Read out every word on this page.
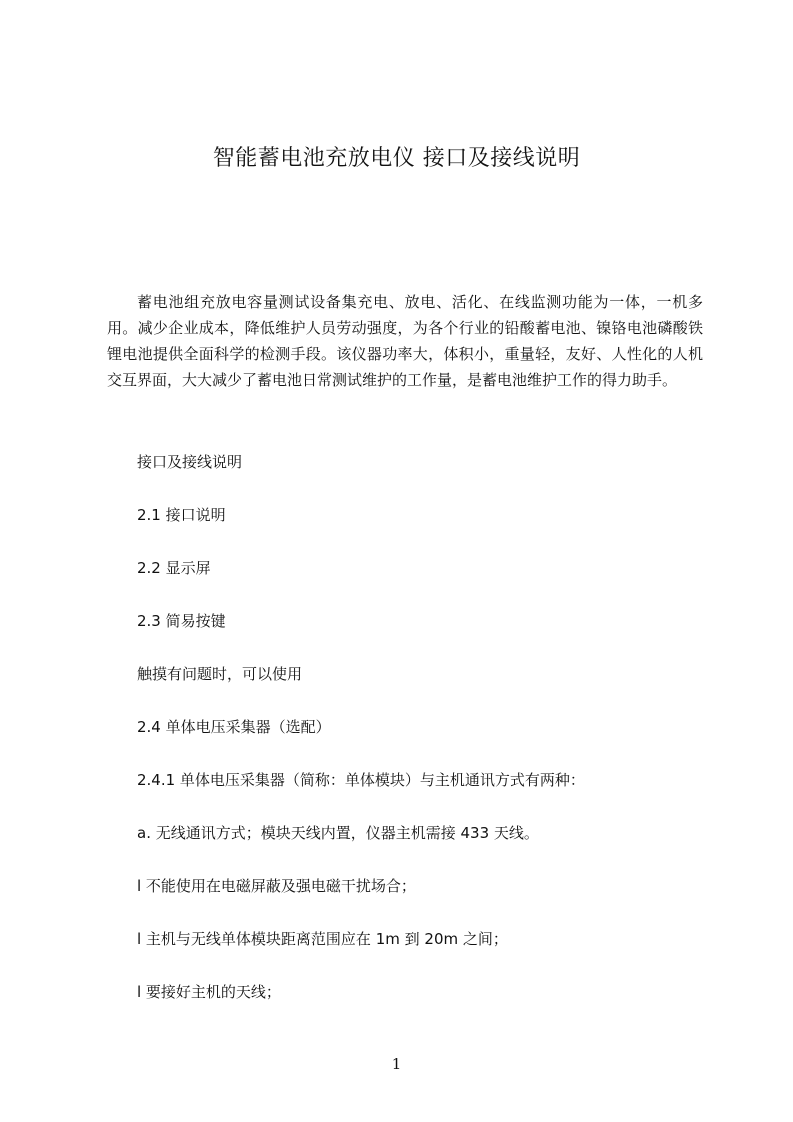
智能蓄电池充放电仪 接口及接线说明
蓄电池组充放电容量测试设备集充电、放电、活化、在线监测功能为一体，一机多用。减少企业成本，降低维护人员劳动强度，为各个行业的铅酸蓄电池、镍铬电池磷酸铁锂电池提供全面科学的检测手段。该仪器功率大，体积小，重量轻，友好、人性化的人机交互界面，大大减少了蓄电池日常测试维护的工作量，是蓄电池维护工作的得力助手。
接口及接线说明
2.1 接口说明
2.2 显示屏
2.3 简易按键
触摸有问题时，可以使用
2.4 单体电压采集器（选配）
2.4.1 单体电压采集器（简称：单体模块）与主机通讯方式有两种：
a. 无线通讯方式；模块天线内置，仪器主机需接 433 天线。
l 不能使用在电磁屏蔽及强电磁干扰场合；
l 主机与无线单体模块距离范围应在 1m 到 20m 之间；
l 要接好主机的天线；
1
